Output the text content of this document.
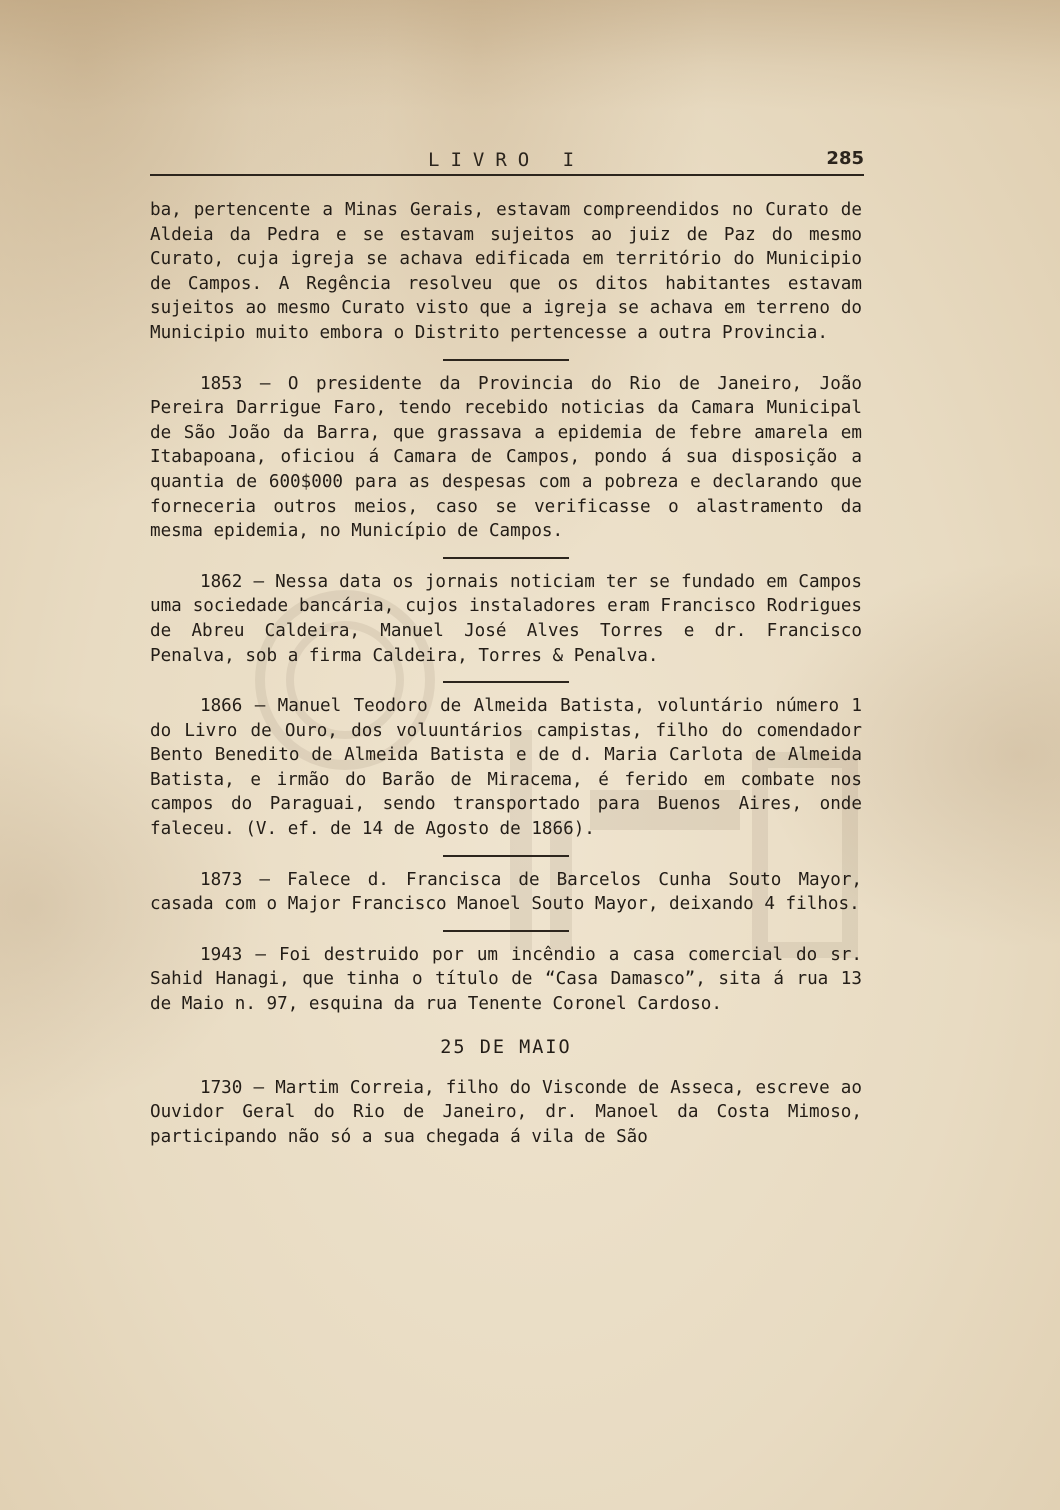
LIVRO I	285

ba, pertencente a Minas Gerais, estavam compreendidos no Curato de Aldeia da Pedra e se estavam sujeitos ao juiz de Paz do mesmo Curato, cuja igreja se achava edificada em território do Municipio de Campos. A Regência resolveu que os ditos habitantes estavam sujeitos ao mesmo Curato visto que a igreja se achava em terreno do Municipio muito embora o Distrito pertencesse a outra Provincia.

1853 — O presidente da Provincia do Rio de Janeiro, João Pereira Darrigue Faro, tendo recebido noticias da Camara Municipal de São João da Barra, que grassava a epidemia de febre amarela em Itabapoana, oficiou á Camara de Campos, pondo á sua disposição a quantia de 600$000 para as despesas com a pobreza e declarando que forneceria outros meios, caso se verificasse o alastramento da mesma epidemia, no Município de Campos.

1862 — Nessa data os jornais noticiam ter se fundado em Campos uma sociedade bancária, cujos instaladores eram Francisco Rodrigues de Abreu Caldeira, Manuel José Alves Torres e dr. Francisco Penalva, sob a firma Caldeira, Torres & Penalva.

1866 — Manuel Teodoro de Almeida Batista, voluntário número 1 do Livro de Ouro, dos voluuntários campistas, filho do comendador Bento Benedito de Almeida Batista e de d. Maria Carlota de Almeida Batista, e irmão do Barão de Miracema, é ferido em combate nos campos do Paraguai, sendo transportado para Buenos Aires, onde faleceu. (V. ef. de 14 de Agosto de 1866).

1873 — Falece d. Francisca de Barcelos Cunha Souto Mayor, casada com o Major Francisco Manoel Souto Mayor, deixando 4 filhos.

1943 — Foi destruido por um incêndio a casa comercial do sr. Sahid Hanagi, que tinha o título de “Casa Damasco”, sita á rua 13 de Maio n. 97, esquina da rua Tenente Coronel Cardoso.

25 DE MAIO

1730 — Martim Correia, filho do Visconde de Asseca, escreve ao Ouvidor Geral do Rio de Janeiro, dr. Manoel da Costa Mimoso, participando não só a sua chegada á vila de São
